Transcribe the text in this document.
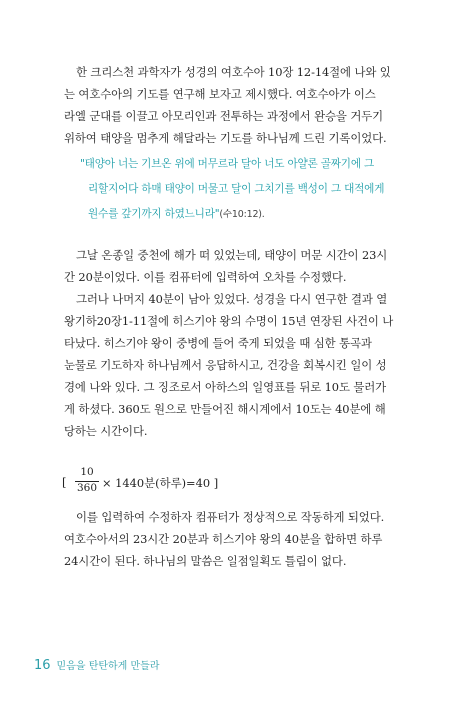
한 크리스천 과학자가 성경의 여호수아 10장 12-14절에 나와 있
는 여호수아의 기도를 연구해 보자고 제시했다. 여호수아가 이스
라엘 군대를 이끌고 아모리인과 전투하는 과정에서 완승을 거두기
위하여 태양을 멈추게 해달라는 기도를 하나님께 드린 기록이었다.
"태양아 너는 기브온 위에 머무르라 달아 너도 아얄론 골짜기에 그
리할지어다 하매 태양이 머물고 달이 그치기를 백성이 그 대적에게
원수를 갚기까지 하였느니라"(수10:12).
그날 온종일 중천에 해가 떠 있었는데, 태양이 머문 시간이 23시
간 20분이었다. 이를 컴퓨터에 입력하여 오차를 수정했다.
그러나 나머지 40분이 남아 있었다. 성경을 다시 연구한 결과 열
왕기하20장1-11절에 히스기야 왕의 수명이 15년 연장된 사건이 나
타났다. 히스기야 왕이 중병에 들어 죽게 되었을 때 심한 통곡과
눈물로 기도하자 하나님께서 응답하시고, 건강을 회복시킨 일이 성
경에 나와 있다. 그 징조로서 아하스의 일영표를 뒤로 10도 물러가
게 하셨다. 360도 원으로 만들어진 해시계에서 10도는 40분에 해
당하는 시간이다.
[
10
360 × 1440분(하루)=40 ]
이를 입력하여 수정하자 컴퓨터가 정상적으로 작동하게 되었다.
여호수아서의 23시간 20분과 히스기야 왕의 40분을 합하면 하루
24시간이 된다. 하나님의 말씀은 일점일획도 틀림이 없다.
16 믿음을 탄탄하게 만들라
